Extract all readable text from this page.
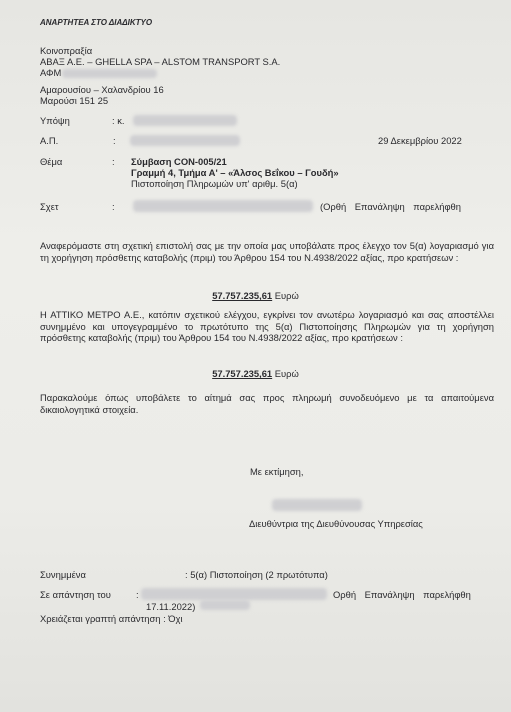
ΑΝΑΡΤΗΤΕΑ ΣΤΟ ΔΙΑΔΙΚΤΥΟ
Κοινοπραξία
ΑΒΑΞ Α.Ε. – GHELLA SPA – ALSTOM TRANSPORT S.A.
ΑΦΜ
Αμαρουσίου – Χαλανδρίου 16
Μαρούσι 151 25
Υπόψη	: κ.
Α.Π.	:	29 Δεκεμβρίου 2022
Θέμα	: Σύμβαση CON-005/21
Γραμμή 4, Τμήμα Α' – «Άλσος Βεΐκου – Γουδή»
Πιστοποίηση Πληρωμών υπ' αριθμ. 5(α)
Σχετ	:	(Ορθή Επανάληψη παρελήφθη
Αναφερόμαστε στη σχετική επιστολή σας με την οποία μας υποβάλατε προς έλεγχο τον 5(α) λογαριασμό για τη χορήγηση πρόσθετης καταβολής (πριμ) του Άρθρου 154 του Ν.4938/2022 αξίας, προ κρατήσεων :
57.757.235,61 Ευρώ
Η ΑΤΤΙΚΟ ΜΕΤΡΟ Α.Ε., κατόπιν σχετικού ελέγχου, εγκρίνει τον ανωτέρω λογαριασμό και σας αποστέλλει συνημμένο και υπογεγραμμένο το πρωτότυπο της 5(α) Πιστοποίησης Πληρωμών για τη χορήγηση πρόσθετης καταβολής (πριμ) του Άρθρου 154 του Ν.4938/2022 αξίας, προ κρατήσεων :
57.757.235,61 Ευρώ
Παρακαλούμε όπως υποβάλετε το αίτημά σας προς πληρωμή συνοδευόμενο με τα απαιτούμενα δικαιολογητικά στοιχεία.
Με εκτίμηση,
Διευθύντρια της Διευθύνουσας Υπηρεσίας
Συνημμένα	: 5(α) Πιστοποίηση (2 πρωτότυπα)
Σε απάντηση του	:	Ορθή Επανάληψη παρελήφθη
17.11.2022)
Χρειάζεται γραπτή απάντηση : Όχι
